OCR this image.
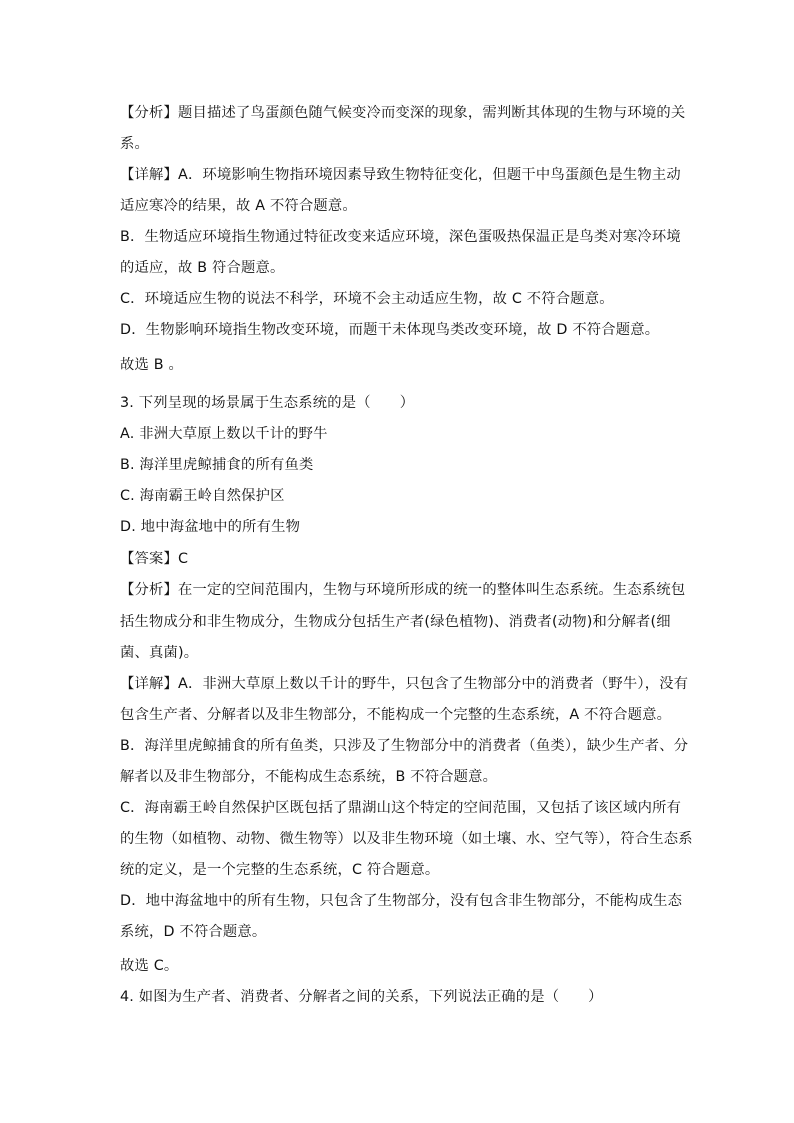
【分析】题目描述了鸟蛋颜色随气候变冷而变深的现象，需判断其体现的生物与环境的关
系。
【详解】A．环境影响生物指环境因素导致生物特征变化，但题干中鸟蛋颜色是生物主动
适应寒冷的结果，故 A 不符合题意。
B．生物适应环境指生物通过特征改变来适应环境，深色蛋吸热保温正是鸟类对寒冷环境
的适应，故 B 符合题意。
C．环境适应生物的说法不科学，环境不会主动适应生物，故 C 不符合题意。
D．生物影响环境指生物改变环境，而题干未体现鸟类改变环境，故 D 不符合题意。
故选 B 。
3. 下列呈现的场景属于生态系统的是（　　）
A. 非洲大草原上数以千计的野牛
B. 海洋里虎鲸捕食的所有鱼类
C. 海南霸王岭自然保护区
D. 地中海盆地中的所有生物
【答案】C
【分析】在一定的空间范围内，生物与环境所形成的统一的整体叫生态系统。生态系统包
括生物成分和非生物成分，生物成分包括生产者(绿色植物)、消费者(动物)和分解者(细
菌、真菌)。
【详解】A．非洲大草原上数以千计的野牛，只包含了生物部分中的消费者（野牛），没有
包含生产者、分解者以及非生物部分，不能构成一个完整的生态系统，A 不符合题意。
B．海洋里虎鲸捕食的所有鱼类，只涉及了生物部分中的消费者（鱼类），缺少生产者、分
解者以及非生物部分，不能构成生态系统，B 不符合题意。
C．海南霸王岭自然保护区既包括了鼎湖山这个特定的空间范围，又包括了该区域内所有
的生物（如植物、动物、微生物等）以及非生物环境（如土壤、水、空气等），符合生态系
统的定义，是一个完整的生态系统，C 符合题意。
D．地中海盆地中的所有生物，只包含了生物部分，没有包含非生物部分，不能构成生态
系统，D 不符合题意。
故选 C。
4. 如图为生产者、消费者、分解者之间的关系，下列说法正确的是（　　）
